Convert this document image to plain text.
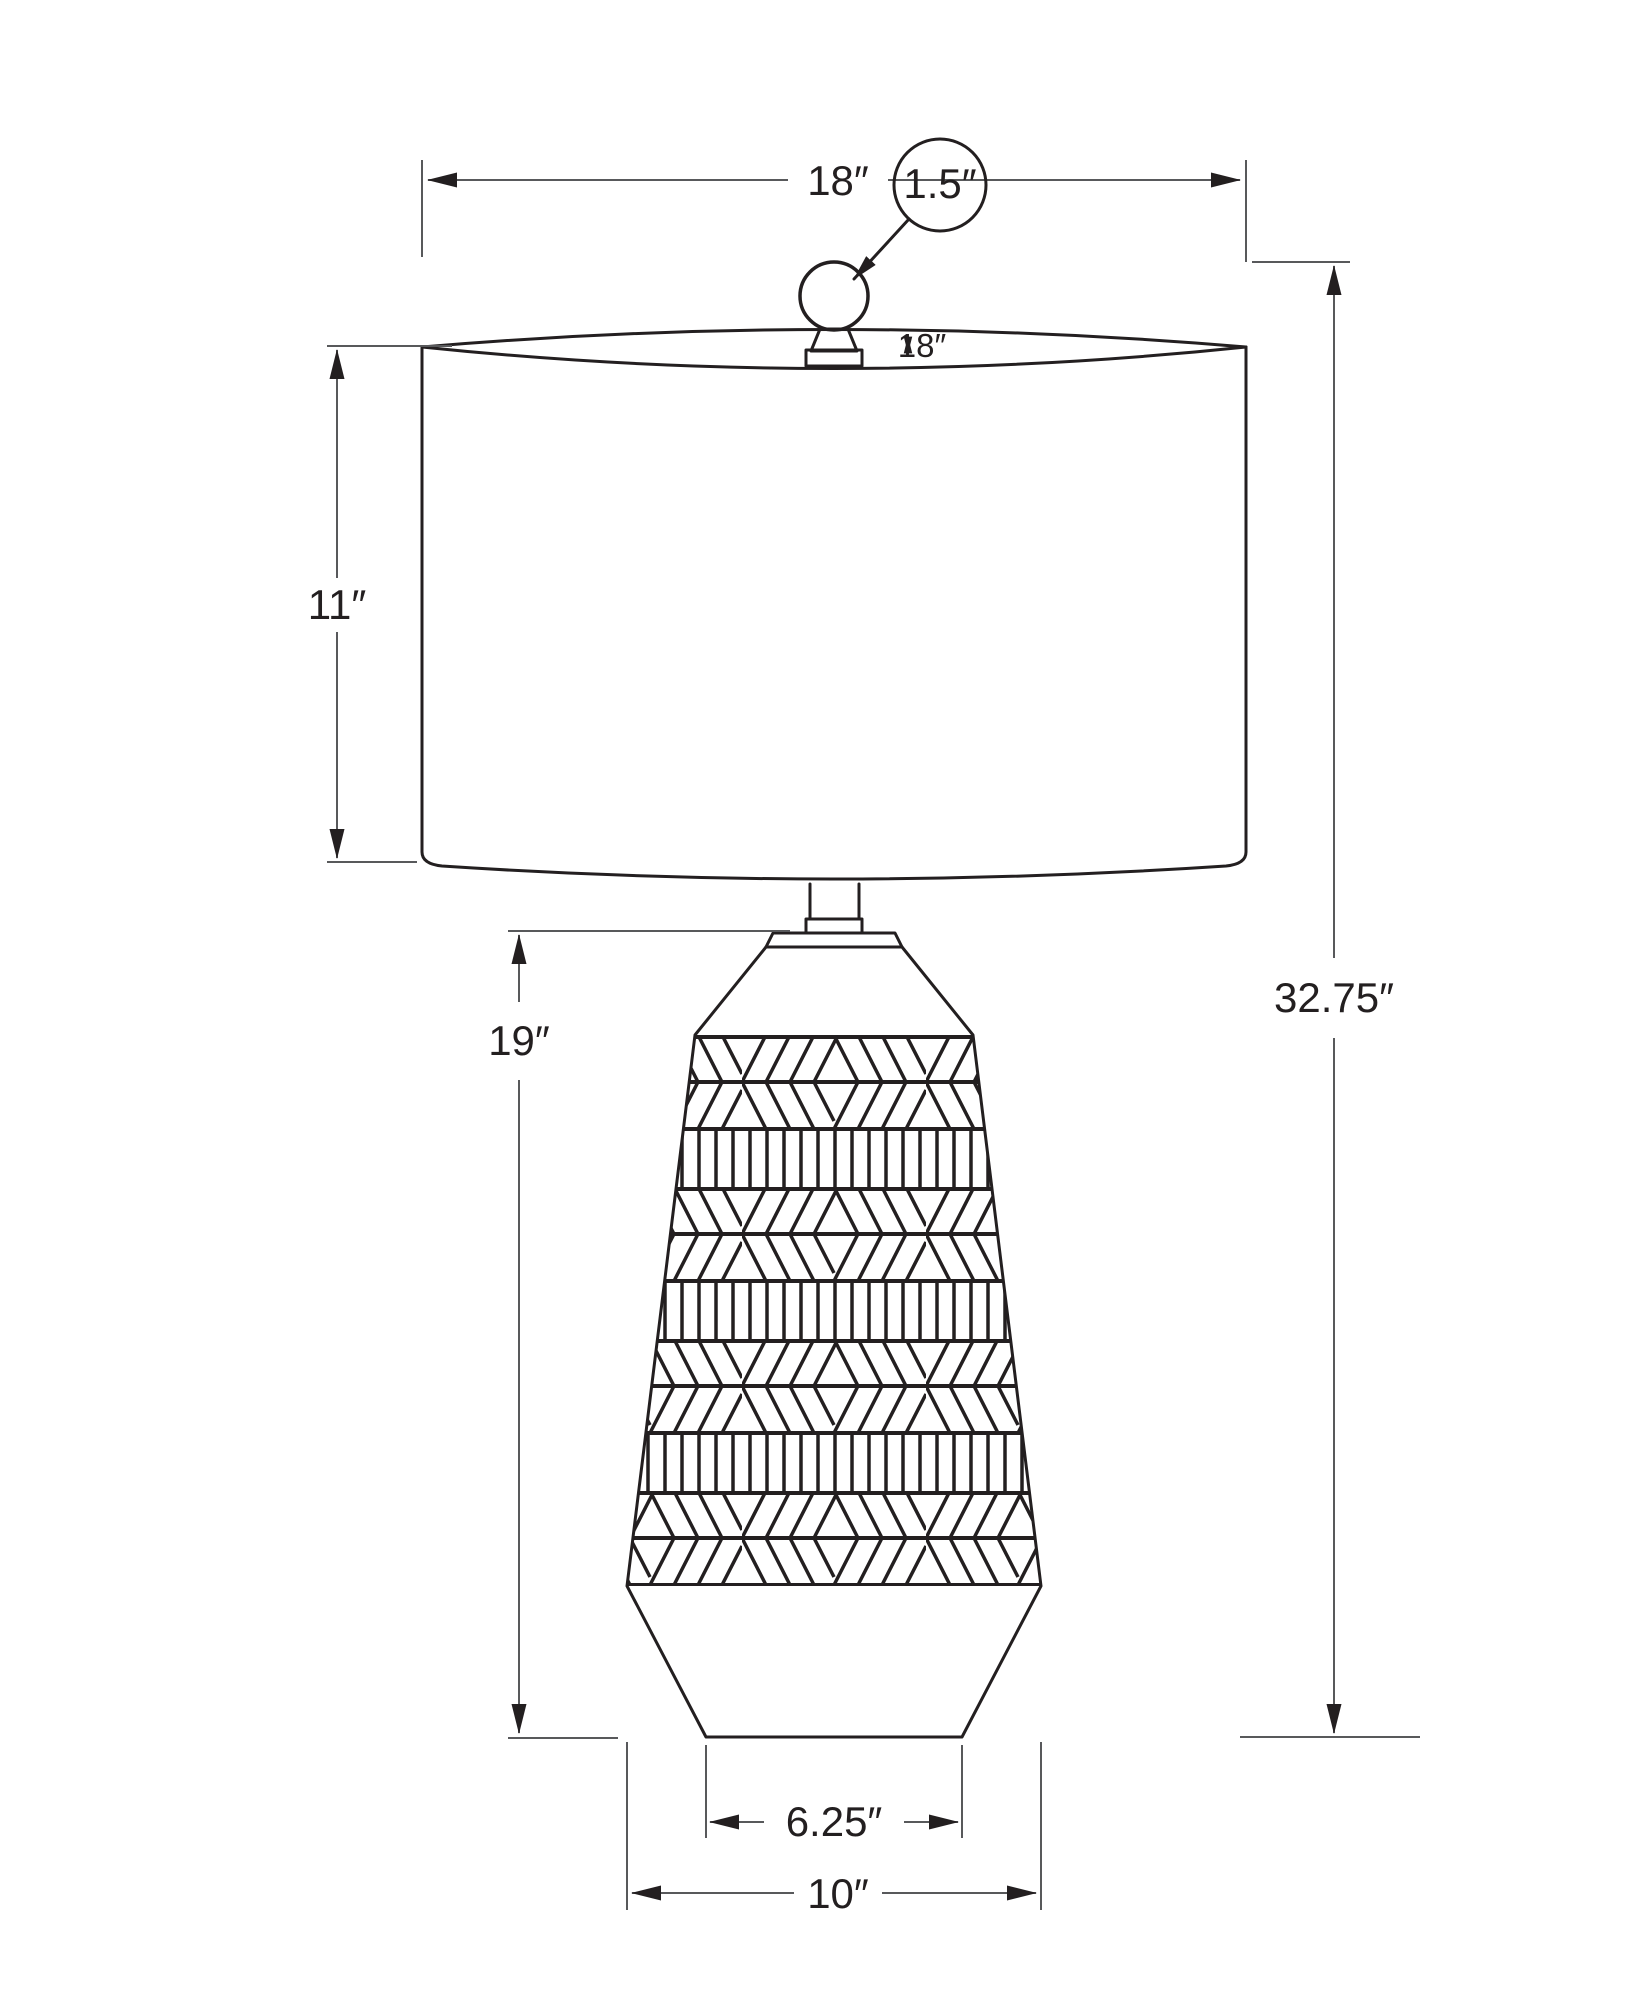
18″ 1.5″
18″
11″
32.75″
19″
6.25″
10″
